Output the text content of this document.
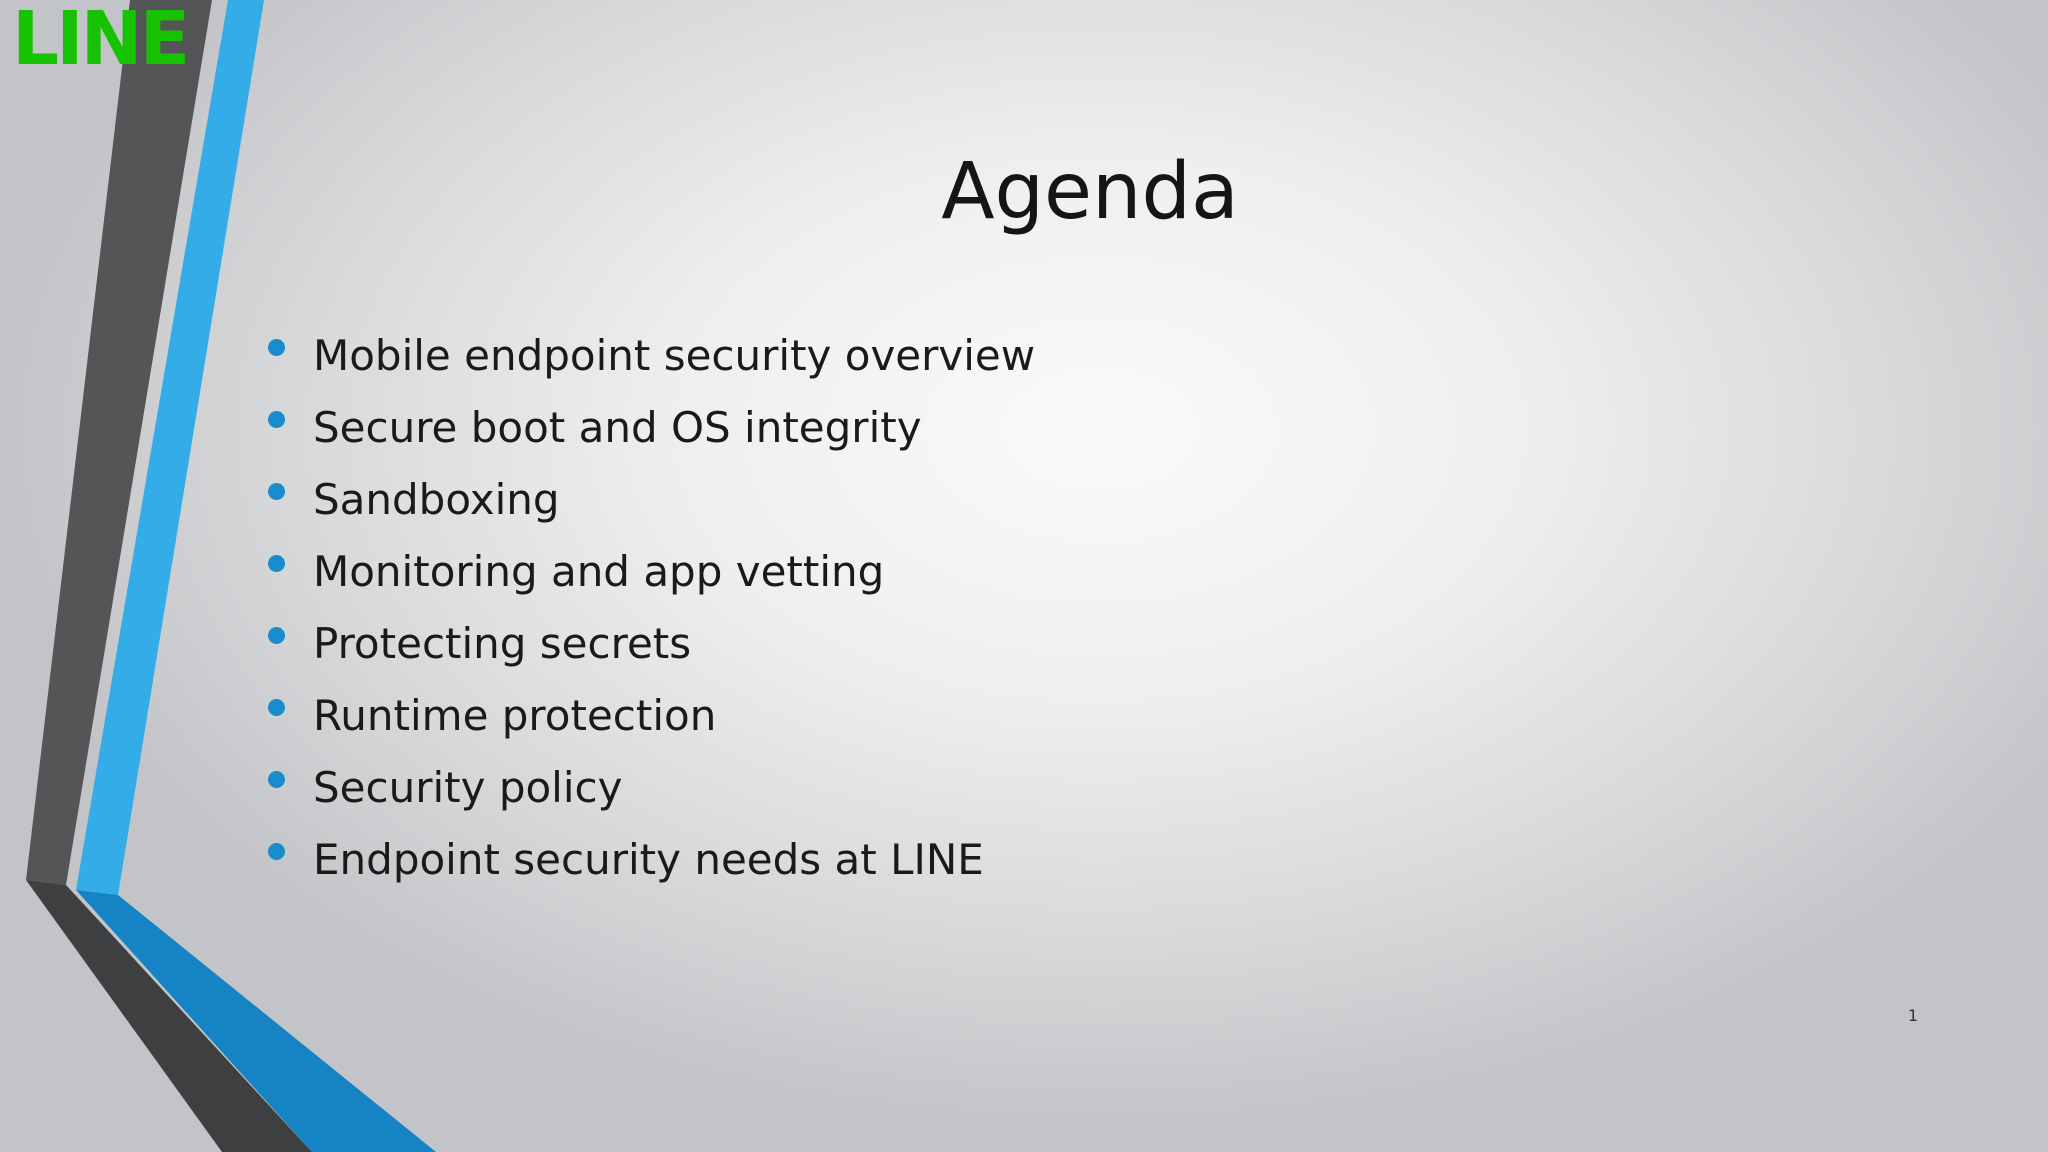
LINE
Agenda
Mobile endpoint security overview
Secure boot and OS integrity
Sandboxing
Monitoring and app vetting
Protecting secrets
Runtime protection
Security policy
Endpoint security needs at LINE
1
